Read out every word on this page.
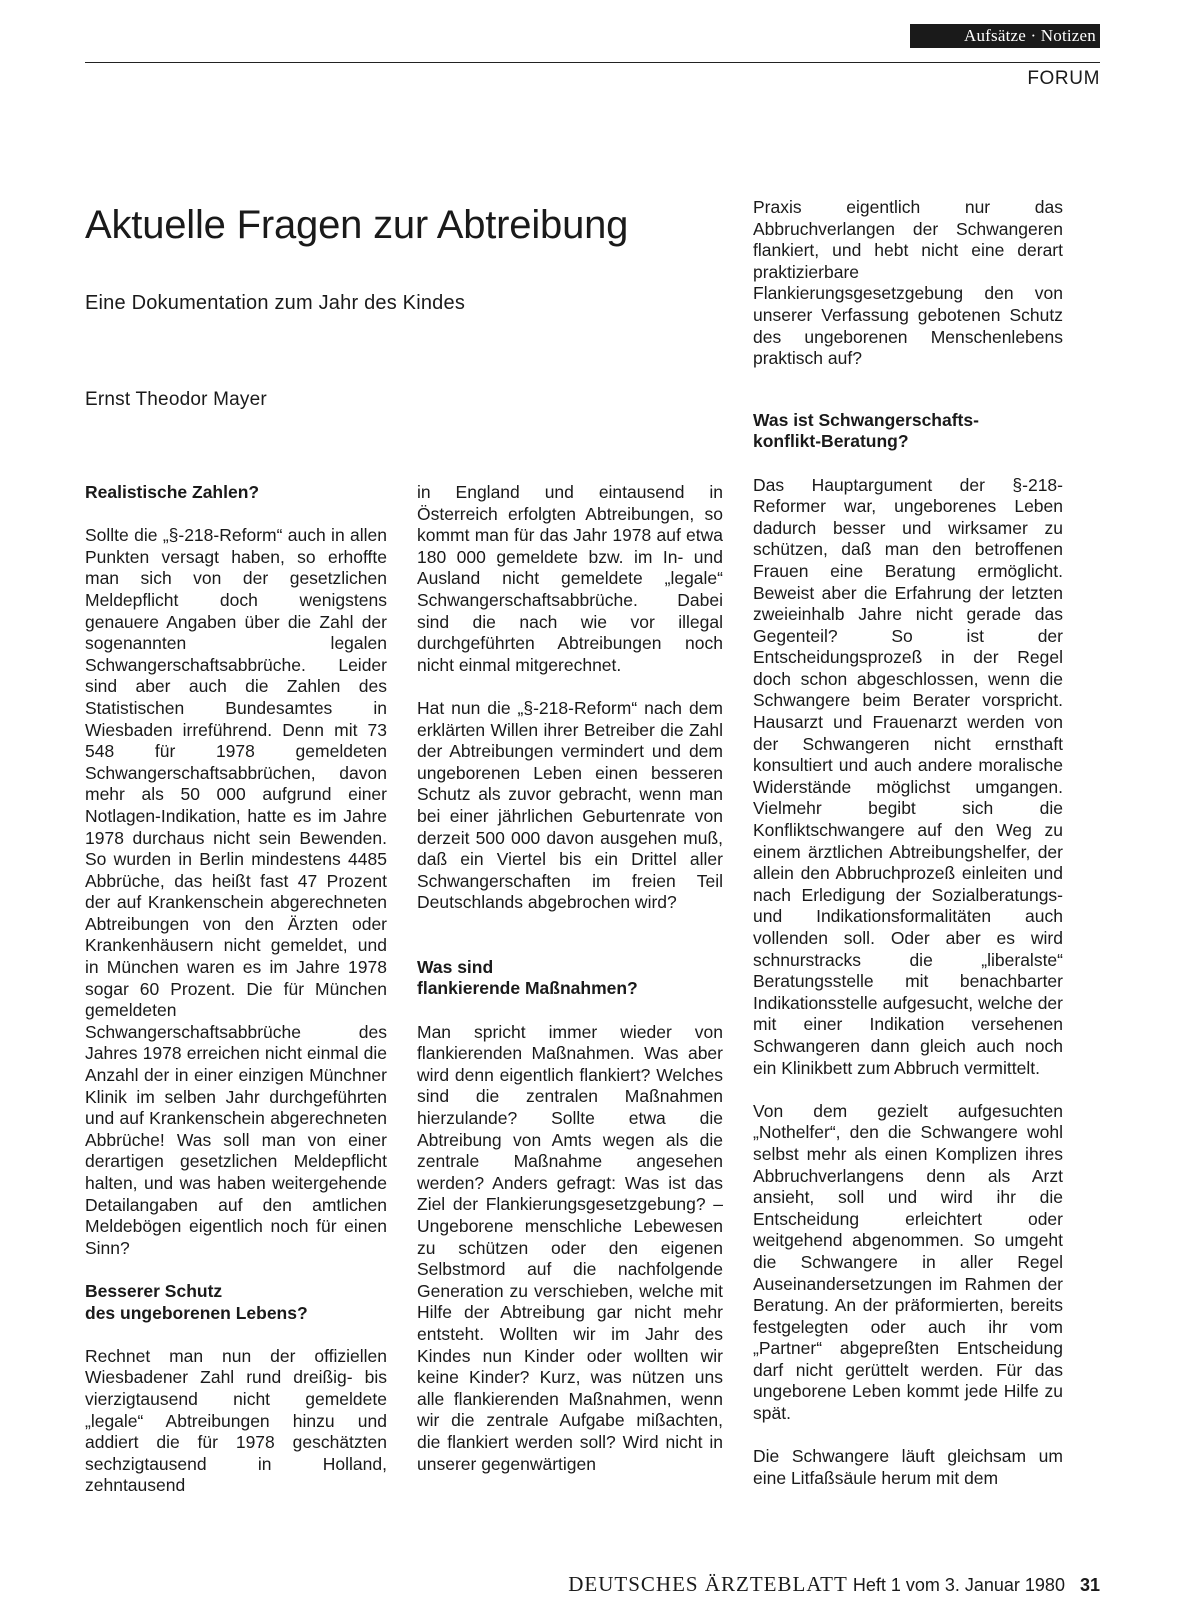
Aufsätze · Notizen
FORUM
Aktuelle Fragen zur Abtreibung
Eine Dokumentation zum Jahr des Kindes
Ernst Theodor Mayer
Realistische Zahlen?

Sollte die „§-218-Reform“ auch in allen Punkten versagt haben, so erhoffte man sich von der gesetzlichen Meldepflicht doch wenigstens genauere Angaben über die Zahl der sogenannten legalen Schwangerschaftsabbrüche. Leider sind aber auch die Zahlen des Statistischen Bundesamtes in Wiesbaden irreführend. Denn mit 73 548 für 1978 gemeldeten Schwangerschaftsabbrüchen, davon mehr als 50 000 aufgrund einer Notlagen-Indikation, hatte es im Jahre 1978 durchaus nicht sein Bewenden. So wurden in Berlin mindestens 4485 Abbrüche, das heißt fast 47 Prozent der auf Krankenschein abgerechneten Abtreibungen von den Ärzten oder Krankenhäusern nicht gemeldet, und in München waren es im Jahre 1978 sogar 60 Prozent. Die für München gemeldeten Schwangerschaftsabbrüche des Jahres 1978 erreichen nicht einmal die Anzahl der in einer einzigen Münchner Klinik im selben Jahr durchgeführten und auf Krankenschein abgerechneten Abbrüche! Was soll man von einer derartigen gesetzlichen Meldepflicht halten, und was haben weitergehende Detailangaben auf den amtlichen Meldebögen eigentlich noch für einen Sinn?

Besserer Schutz
des ungeborenen Lebens?

Rechnet man nun der offiziellen Wiesbadener Zahl rund dreißig- bis vierzigtausend nicht gemeldete „legale“ Abtreibungen hinzu und addiert die für 1978 geschätzten sechzigtausend in Holland, zehntausend

in England und eintausend in Österreich erfolgten Abtreibungen, so kommt man für das Jahr 1978 auf etwa 180 000 gemeldete bzw. im In- und Ausland nicht gemeldete „legale“ Schwangerschaftsabbrüche. Dabei sind die nach wie vor illegal durchgeführten Abtreibungen noch nicht einmal mitgerechnet.

Hat nun die „§-218-Reform“ nach dem erklärten Willen ihrer Betreiber die Zahl der Abtreibungen vermindert und dem ungeborenen Leben einen besseren Schutz als zuvor gebracht, wenn man bei einer jährlichen Geburtenrate von derzeit 500 000 davon ausgehen muß, daß ein Viertel bis ein Drittel aller Schwangerschaften im freien Teil Deutschlands abgebrochen wird?

Was sind
flankierende Maßnahmen?

Man spricht immer wieder von flankierenden Maßnahmen. Was aber wird denn eigentlich flankiert? Welches sind die zentralen Maßnahmen hierzulande? Sollte etwa die Abtreibung von Amts wegen als die zentrale Maßnahme angesehen werden? Anders gefragt: Was ist das Ziel der Flankierungsgesetzgebung? – Ungeborene menschliche Lebewesen zu schützen oder den eigenen Selbstmord auf die nachfolgende Generation zu verschieben, welche mit Hilfe der Abtreibung gar nicht mehr entsteht. Wollten wir im Jahr des Kindes nun Kinder oder wollten wir keine Kinder? Kurz, was nützen uns alle flankierenden Maßnahmen, wenn wir die zentrale Aufgabe mißachten, die flankiert werden soll? Wird nicht in unserer gegenwärtigen

Praxis eigentlich nur das Abbruchverlangen der Schwangeren flankiert, und hebt nicht eine derart praktizierbare Flankierungsgesetzgebung den von unserer Verfassung gebotenen Schutz des ungeborenen Menschenlebens praktisch auf?

Was ist Schwangerschafts-
konflikt-Beratung?

Das Hauptargument der §-218-Reformer war, ungeborenes Leben dadurch besser und wirksamer zu schützen, daß man den betroffenen Frauen eine Beratung ermöglicht. Beweist aber die Erfahrung der letzten zweieinhalb Jahre nicht gerade das Gegenteil? So ist der Entscheidungsprozeß in der Regel doch schon abgeschlossen, wenn die Schwangere beim Berater vorspricht. Hausarzt und Frauenarzt werden von der Schwangeren nicht ernsthaft konsultiert und auch andere moralische Widerstände möglichst umgangen. Vielmehr begibt sich die Konfliktschwangere auf den Weg zu einem ärztlichen Abtreibungshelfer, der allein den Abbruchprozeß einleiten und nach Erledigung der Sozialberatungs- und Indikationsformalitäten auch vollenden soll. Oder aber es wird schnurstracks die „liberalste“ Beratungsstelle mit benachbarter Indikationsstelle aufgesucht, welche der mit einer Indikation versehenen Schwangeren dann gleich auch noch ein Klinikbett zum Abbruch vermittelt.

Von dem gezielt aufgesuchten „Nothelfer“, den die Schwangere wohl selbst mehr als einen Komplizen ihres Abbruchverlangens denn als Arzt ansieht, soll und wird ihr die Entscheidung erleichtert oder weitgehend abgenommen. So umgeht die Schwangere in aller Regel Auseinandersetzungen im Rahmen der Beratung. An der präformierten, bereits festgelegten oder auch ihr vom „Partner“ abgepreßten Entscheidung darf nicht gerüttelt werden. Für das ungeborene Leben kommt jede Hilfe zu spät.

Die Schwangere läuft gleichsam um eine Litfaßsäule herum mit dem

DEUTSCHES ÄRZTEBLATT Heft 1 vom 3. Januar 1980 31
